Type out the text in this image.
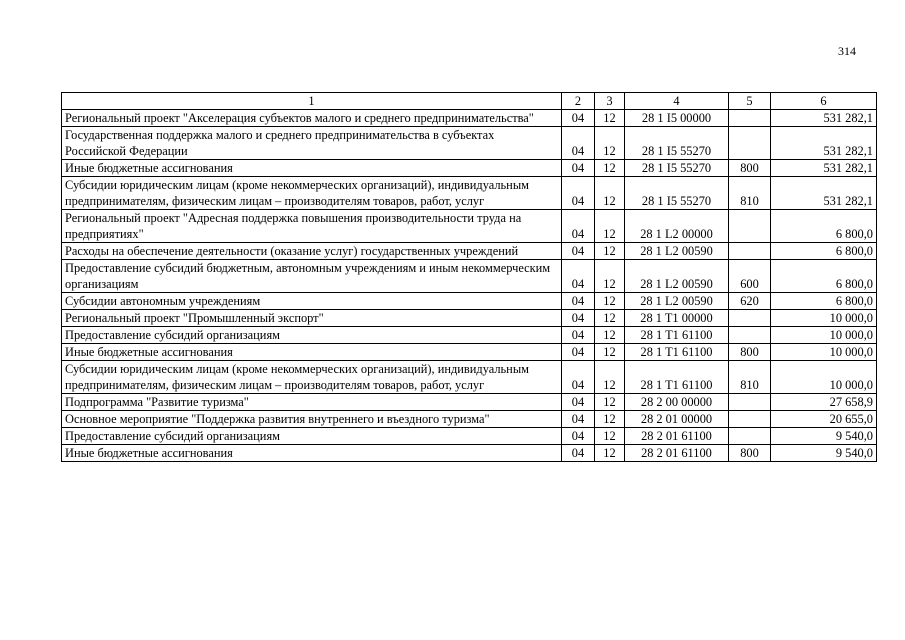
314
1	2	3	4	5	6
Региональный проект "Акселерация субъектов малого и среднего предпринимательства"	04	12	28 1 I5 00000		531 282,1
Государственная поддержка малого и среднего предпринимательства в субъектах Российской Федерации	04	12	28 1 I5 55270		531 282,1
Иные бюджетные ассигнования	04	12	28 1 I5 55270	800	531 282,1
Субсидии юридическим лицам (кроме некоммерческих организаций), индивидуальным предпринимателям, физическим лицам – производителям товаров, работ, услуг	04	12	28 1 I5 55270	810	531 282,1
Региональный проект "Адресная поддержка повышения производительности труда на предприятиях"	04	12	28 1 L2 00000		6 800,0
Расходы на обеспечение деятельности (оказание услуг) государственных учреждений	04	12	28 1 L2 00590		6 800,0
Предоставление субсидий бюджетным, автономным учреждениям и иным некоммерческим организациям	04	12	28 1 L2 00590	600	6 800,0
Субсидии автономным учреждениям	04	12	28 1 L2 00590	620	6 800,0
Региональный проект "Промышленный экспорт"	04	12	28 1 T1 00000		10 000,0
Предоставление субсидий организациям	04	12	28 1 T1 61100		10 000,0
Иные бюджетные ассигнования	04	12	28 1 T1 61100	800	10 000,0
Субсидии юридическим лицам (кроме некоммерческих организаций), индивидуальным предпринимателям, физическим лицам – производителям товаров, работ, услуг	04	12	28 1 T1 61100	810	10 000,0
Подпрограмма "Развитие туризма"	04	12	28 2 00 00000		27 658,9
Основное мероприятие "Поддержка развития внутреннего и въездного туризма"	04	12	28 2 01 00000		20 655,0
Предоставление субсидий организациям	04	12	28 2 01 61100		9 540,0
Иные бюджетные ассигнования	04	12	28 2 01 61100	800	9 540,0
